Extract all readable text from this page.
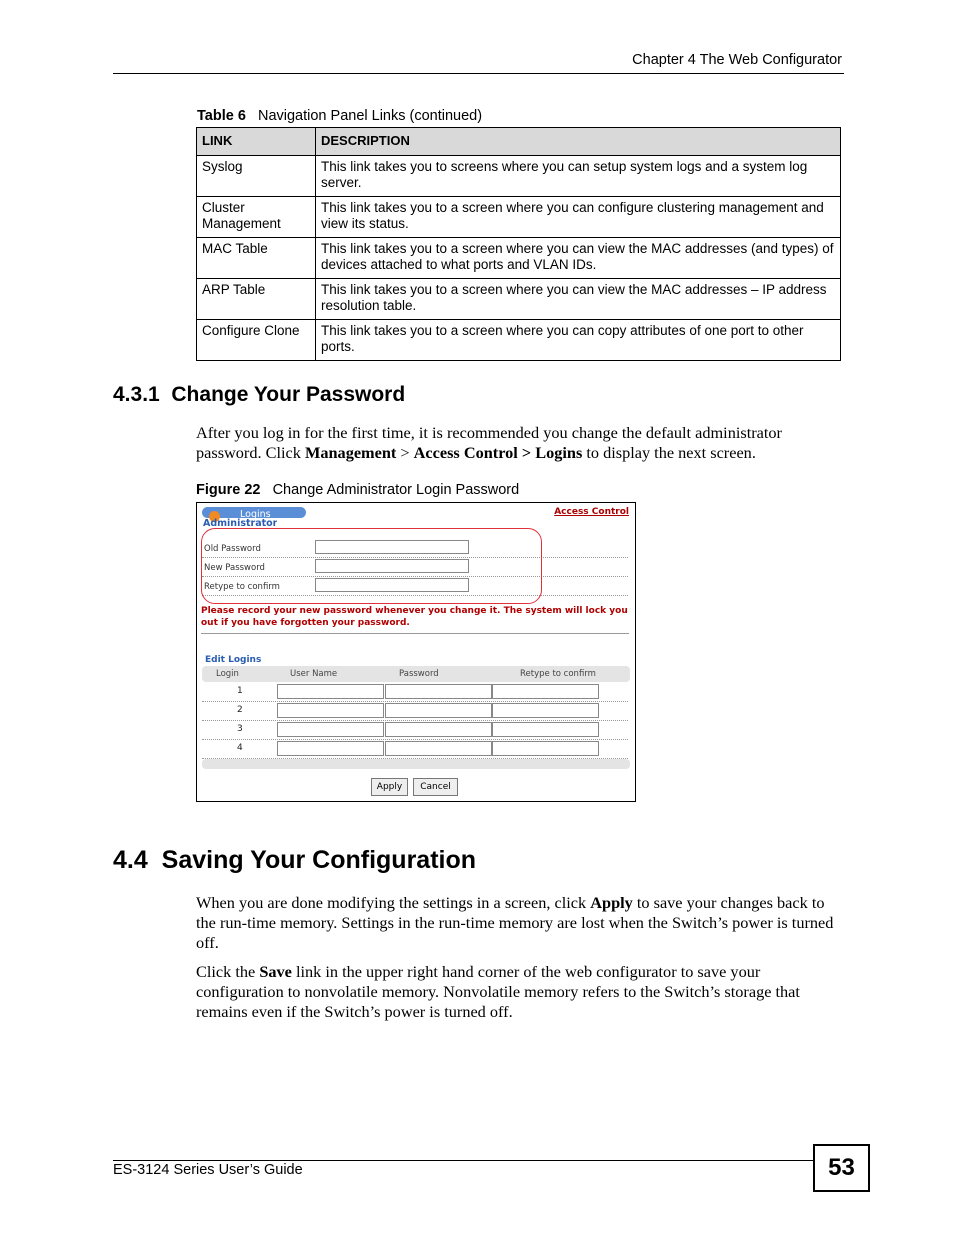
Chapter 4 The Web Configurator
Table 6 Navigation Panel Links (continued)
LINK	DESCRIPTION
Syslog	This link takes you to screens where you can setup system logs and a system log server.
Cluster Management	This link takes you to a screen where you can configure clustering management and view its status.
MAC Table	This link takes you to a screen where you can view the MAC addresses (and types) of devices attached to what ports and VLAN IDs.
ARP Table	This link takes you to a screen where you can view the MAC addresses – IP address resolution table.
Configure Clone	This link takes you to a screen where you can copy attributes of one port to other ports.
4.3.1 Change Your Password

After you log in for the first time, it is recommended you change the default administrator password. Click Management > Access Control > Logins to display the next screen.

Figure 22 Change Administrator Login Password
Logins
Administrator
Access Control
Old Password
New Password
Retype to confirm
Please record your new password whenever you change it. The system will lock you out if you have forgotten your password.
Edit Logins
Login	User Name	Password	Retype to confirm
1
2
3
4
Apply	Cancel
4.4 Saving Your Configuration

When you are done modifying the settings in a screen, click Apply to save your changes back to the run-time memory. Settings in the run-time memory are lost when the Switch’s power is turned off.

Click the Save link in the upper right hand corner of the web configurator to save your configuration to nonvolatile memory. Nonvolatile memory refers to the Switch’s storage that remains even if the Switch’s power is turned off.

ES-3124 Series User’s Guide	53
